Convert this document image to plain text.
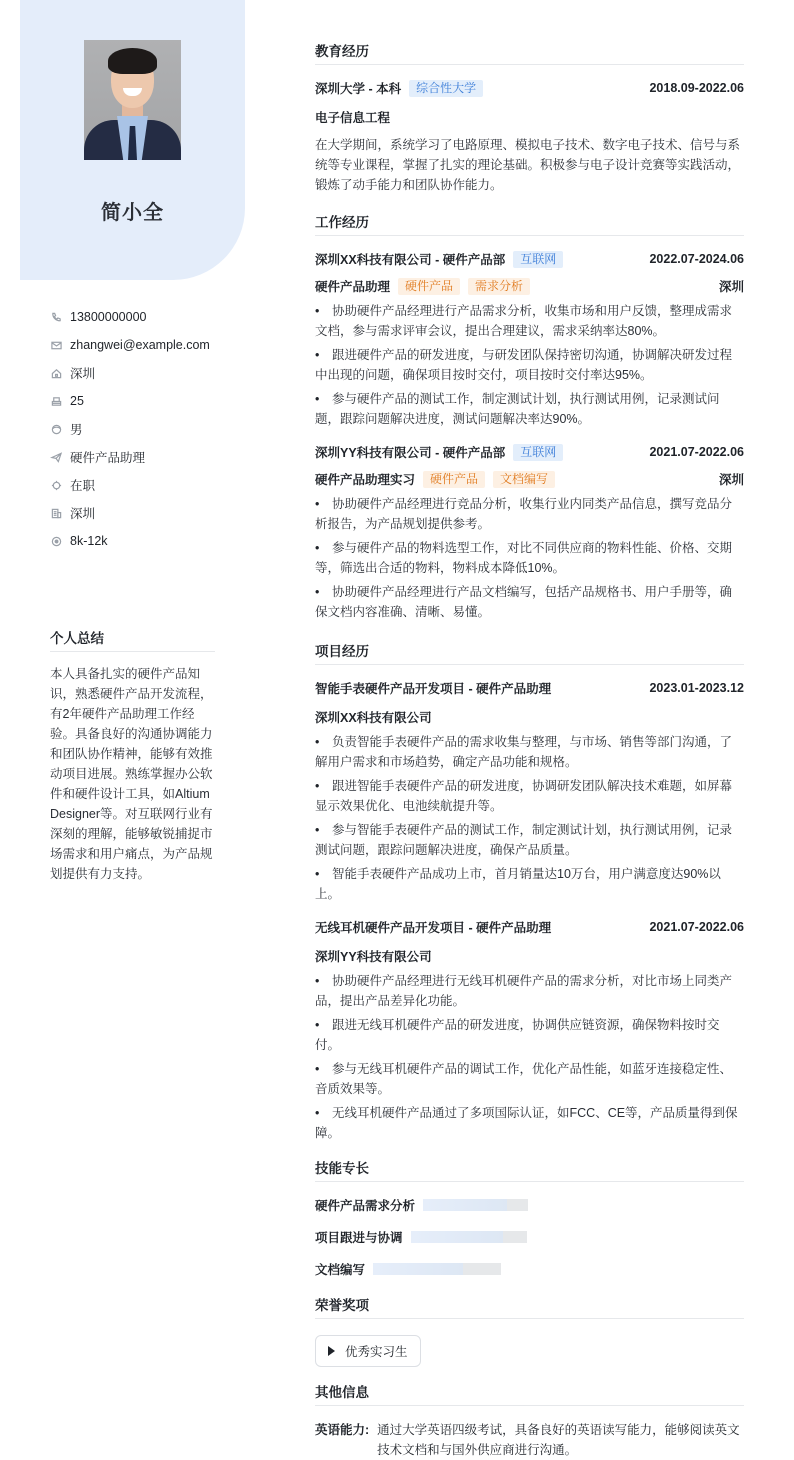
简小全
13800000000
zhangwei@example.com
深圳
25
男
硬件产品助理
在职
深圳
8k-12k
个人总结

本人具备扎实的硬件产品知识，熟悉硬件产品开发流程，有2年硬件产品助理工作经验。具备良好的沟通协调能力和团队协作精神，能够有效推动项目进展。熟练掌握办公软件和硬件设计工具，如Altium Designer等。对互联网行业有深刻的理解，能够敏锐捕捉市场需求和用户痛点，为产品规划提供有力支持。

教育经历
深圳大学 - 本科	综合性大学	2018.09-2022.06
电子信息工程
在大学期间，系统学习了电路原理、模拟电子技术、数字电子技术、信号与系统等专业课程，掌握了扎实的理论基础。积极参与电子设计竞赛等实践活动，锻炼了动手能力和团队协作能力。
工作经历
深圳XX科技有限公司 - 硬件产品部	互联网	2022.07-2024.06
硬件产品助理	硬件产品	需求分析	深圳
• 协助硬件产品经理进行产品需求分析，收集市场和用户反馈，整理成需求文档，参与需求评审会议，提出合理建议，需求采纳率达80%。
• 跟进硬件产品的研发进度，与研发团队保持密切沟通，协调解决研发过程中出现的问题，确保项目按时交付，项目按时交付率达95%。
• 参与硬件产品的测试工作，制定测试计划，执行测试用例，记录测试问题，跟踪问题解决进度，测试问题解决率达90%。
深圳YY科技有限公司 - 硬件产品部	互联网	2021.07-2022.06
硬件产品助理实习	硬件产品	文档编写	深圳
• 协助硬件产品经理进行竞品分析，收集行业内同类产品信息，撰写竞品分析报告，为产品规划提供参考。
• 参与硬件产品的物料选型工作，对比不同供应商的物料性能、价格、交期等，筛选出合适的物料，物料成本降低10%。
• 协助硬件产品经理进行产品文档编写，包括产品规格书、用户手册等，确保文档内容准确、清晰、易懂。
项目经历
智能手表硬件产品开发项目 - 硬件产品助理	2023.01-2023.12
深圳XX科技有限公司
• 负责智能手表硬件产品的需求收集与整理，与市场、销售等部门沟通，了解用户需求和市场趋势，确定产品功能和规格。
• 跟进智能手表硬件产品的研发进度，协调研发团队解决技术难题，如屏幕显示效果优化、电池续航提升等。
• 参与智能手表硬件产品的测试工作，制定测试计划，执行测试用例，记录测试问题，跟踪问题解决进度，确保产品质量。
• 智能手表硬件产品成功上市，首月销量达10万台，用户满意度达90%以上。
无线耳机硬件产品开发项目 - 硬件产品助理	2021.07-2022.06
深圳YY科技有限公司
• 协助硬件产品经理进行无线耳机硬件产品的需求分析，对比市场上同类产品，提出产品差异化功能。
• 跟进无线耳机硬件产品的研发进度，协调供应链资源，确保物料按时交付。
• 参与无线耳机硬件产品的调试工作，优化产品性能，如蓝牙连接稳定性、音质效果等。
• 无线耳机硬件产品通过了多项国际认证，如FCC、CE等，产品质量得到保障。
技能专长
硬件产品需求分析
项目跟进与协调
文档编写
荣誉奖项
优秀实习生
其他信息
英语能力: 通过大学英语四级考试，具备良好的英语读写能力，能够阅读英文技术文档和与国外供应商进行沟通。
